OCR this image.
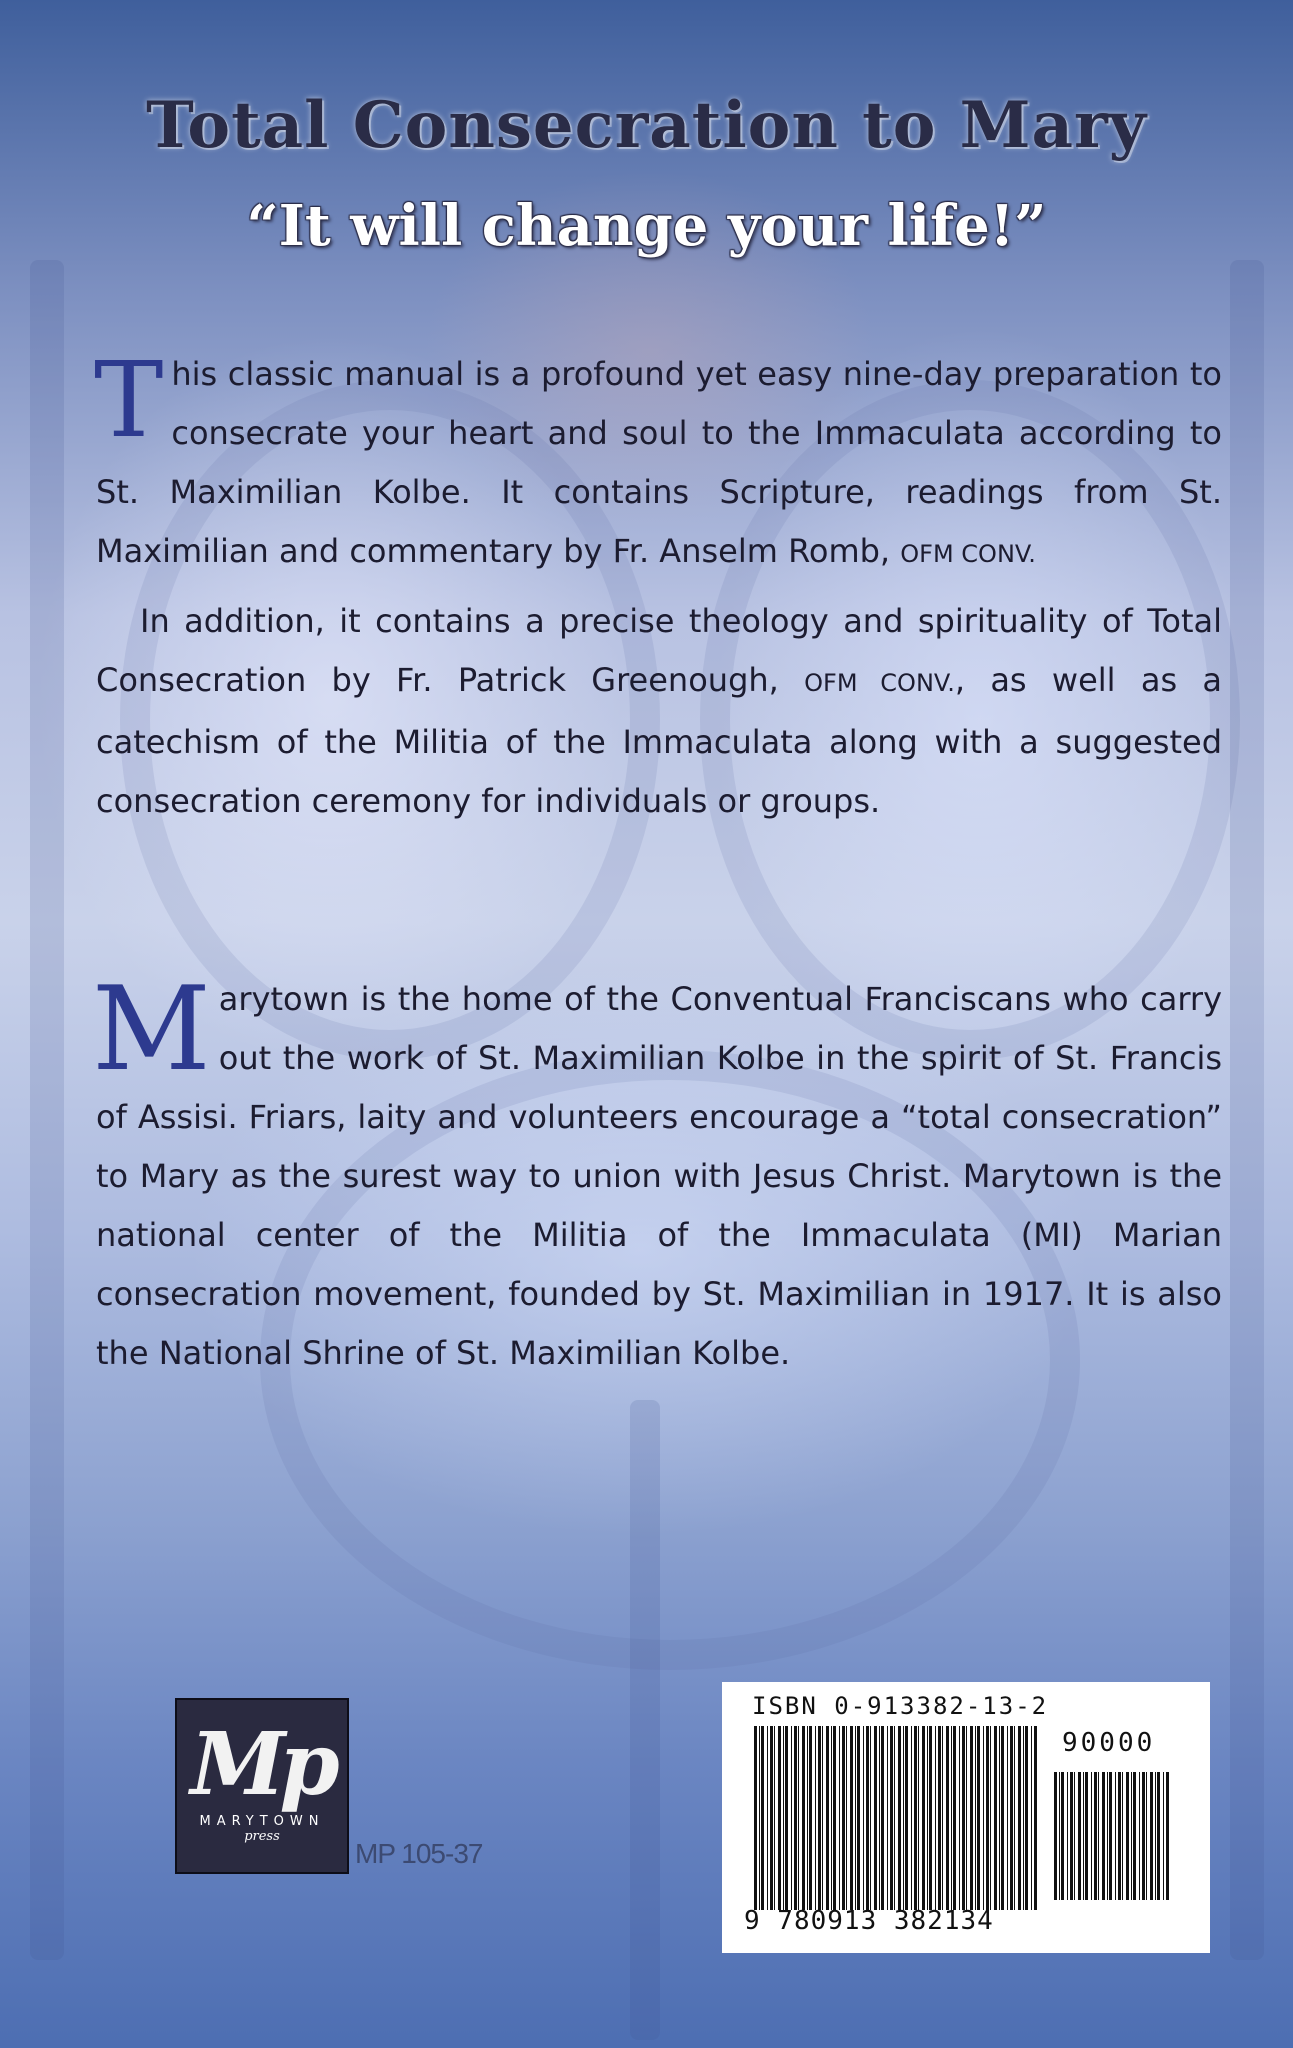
Total Consecration to Mary
“It will change your life!”

This classic manual is a profound yet easy nine-day preparation to consecrate your heart and soul to the Immaculata according to St. Maximilian Kolbe. It contains Scripture, readings from St. Maximilian and commentary by Fr. Anselm Romb, OFM CONV.

In addition, it contains a precise theology and spirituality of Total Consecration by Fr. Patrick Greenough, OFM CONV., as well as a catechism of the Militia of the Immaculata along with a suggested consecration ceremony for individuals or groups.

Marytown is the home of the Conventual Franciscans who carry out the work of St. Maximilian Kolbe in the spirit of St. Francis of Assisi. Friars, laity and volunteers encourage a “total consecration” to Mary as the surest way to union with Jesus Christ. Marytown is the national center of the Militia of the Immaculata (MI) Marian consecration movement, founded by St. Maximilian in 1917. It is also the National Shrine of St. Maximilian Kolbe.

Mp
MARYTOWN
press
MP 105-37
ISBN 0-913382-13-2
90000
9 780913 382134
